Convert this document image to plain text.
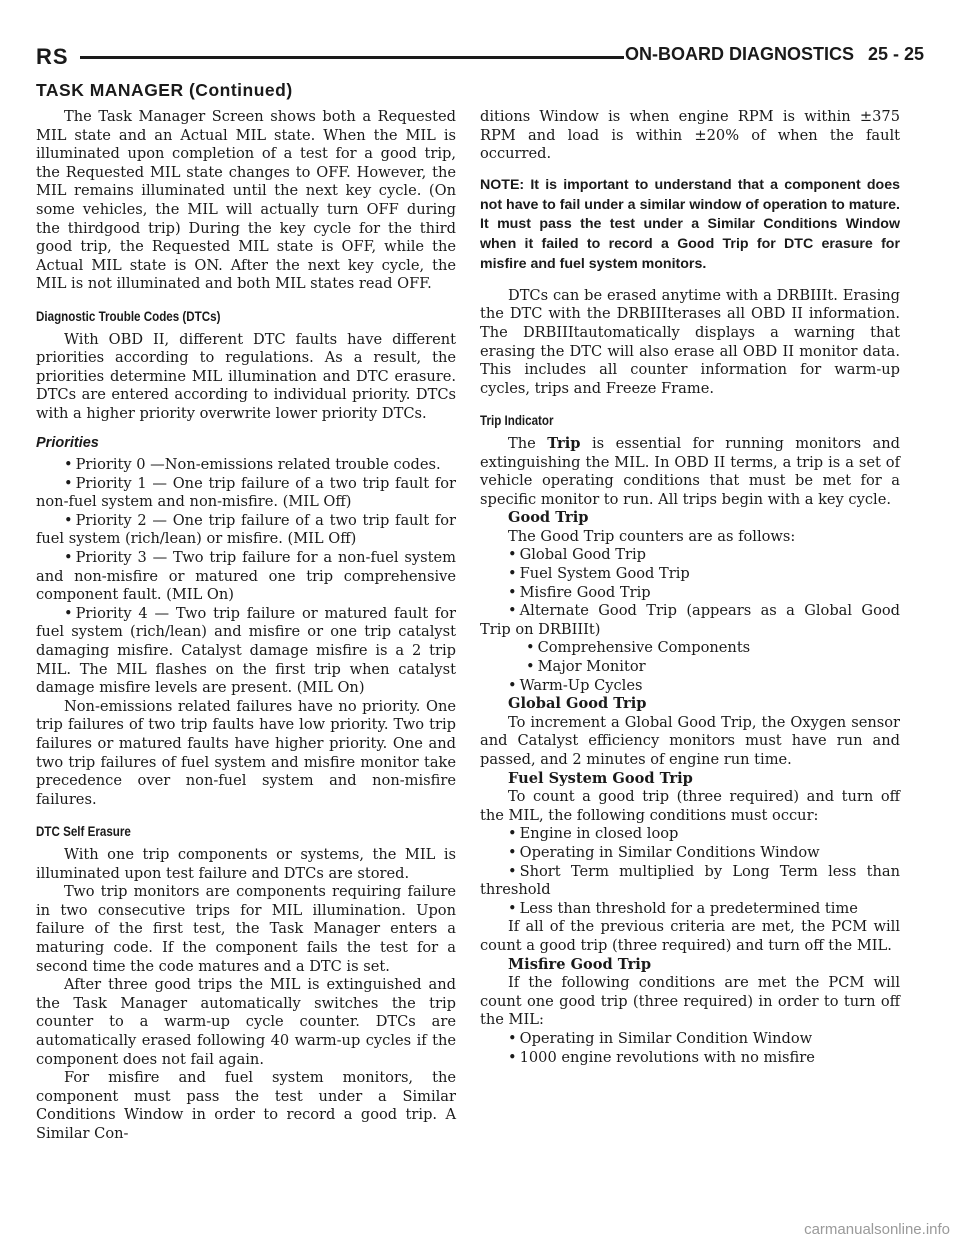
RS	ON-BOARD DIAGNOSTICS 25 - 25
TASK MANAGER (Continued)

The Task Manager Screen shows both a Requested MIL state and an Actual MIL state. When the MIL is illuminated upon completion of a test for a good trip, the Requested MIL state changes to OFF. However, the MIL remains illuminated until the next key cycle. (On some vehicles, the MIL will actually turn OFF during the thirdgood trip) During the key cycle for the third good trip, the Requested MIL state is OFF, while the Actual MIL state is ON. After the next key cycle, the MIL is not illuminated and both MIL states read OFF.

Diagnostic Trouble Codes (DTCs)

With OBD II, different DTC faults have different priorities according to regulations. As a result, the priorities determine MIL illumination and DTC erasure. DTCs are entered according to individual priority. DTCs with a higher priority overwrite lower priority DTCs.

Priorities

• Priority 0 —Non-emissions related trouble codes.

• Priority 1 — One trip failure of a two trip fault for non-fuel system and non-misfire. (MIL Off)

• Priority 2 — One trip failure of a two trip fault for fuel system (rich/lean) or misfire. (MIL Off)

• Priority 3 — Two trip failure for a non-fuel system and non-misfire or matured one trip comprehensive component fault. (MIL On)

• Priority 4 — Two trip failure or matured fault for fuel system (rich/lean) and misfire or one trip catalyst damaging misfire. Catalyst damage misfire is a 2 trip MIL. The MIL flashes on the first trip when catalyst damage misfire levels are present. (MIL On)

Non-emissions related failures have no priority. One trip failures of two trip faults have low priority. Two trip failures or matured faults have higher priority. One and two trip failures of fuel system and misfire monitor take precedence over non-fuel system and non-misfire failures.

DTC Self Erasure

With one trip components or systems, the MIL is illuminated upon test failure and DTCs are stored.

Two trip monitors are components requiring failure in two consecutive trips for MIL illumination. Upon failure of the first test, the Task Manager enters a maturing code. If the component fails the test for a second time the code matures and a DTC is set.

After three good trips the MIL is extinguished and the Task Manager automatically switches the trip counter to a warm-up cycle counter. DTCs are automatically erased following 40 warm-up cycles if the component does not fail again.

For misfire and fuel system monitors, the component must pass the test under a Similar Conditions Window in order to record a good trip. A Similar Con-

ditions Window is when engine RPM is within ±375 RPM and load is within ±20% of when the fault occurred.

NOTE: It is important to understand that a component does not have to fail under a similar window of operation to mature. It must pass the test under a Similar Conditions Window when it failed to record a Good Trip for DTC erasure for misfire and fuel system monitors.

DTCs can be erased anytime with a DRBIIIt. Erasing the DTC with the DRBIIIterases all OBD II information. The DRBIIItautomatically displays a warning that erasing the DTC will also erase all OBD II monitor data. This includes all counter information for warm-up cycles, trips and Freeze Frame.

Trip Indicator

The Trip is essential for running monitors and extinguishing the MIL. In OBD II terms, a trip is a set of vehicle operating conditions that must be met for a specific monitor to run. All trips begin with a key cycle.

Good Trip

The Good Trip counters are as follows:

• Global Good Trip

• Fuel System Good Trip

• Misfire Good Trip

• Alternate Good Trip (appears as a Global Good Trip on DRBIIIt)

• Comprehensive Components

• Major Monitor

• Warm-Up Cycles

Global Good Trip

To increment a Global Good Trip, the Oxygen sensor and Catalyst efficiency monitors must have run and passed, and 2 minutes of engine run time.

Fuel System Good Trip

To count a good trip (three required) and turn off the MIL, the following conditions must occur:

• Engine in closed loop

• Operating in Similar Conditions Window

• Short Term multiplied by Long Term less than threshold

• Less than threshold for a predetermined time

If all of the previous criteria are met, the PCM will count a good trip (three required) and turn off the MIL.

Misfire Good Trip

If the following conditions are met the PCM will count one good trip (three required) in order to turn off the MIL:

• Operating in Similar Condition Window

• 1000 engine revolutions with no misfire

carmanualsonline.info
